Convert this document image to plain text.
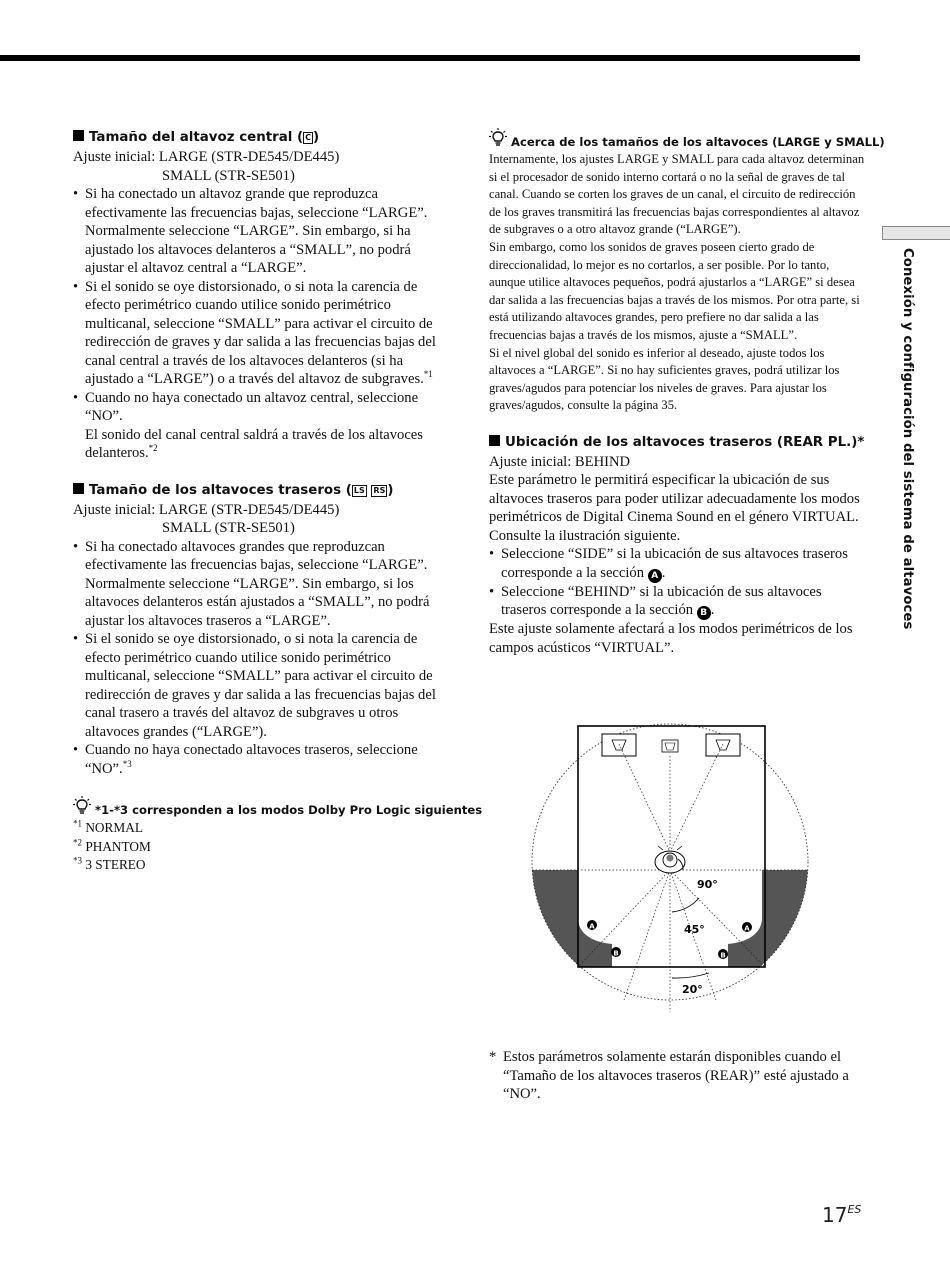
Conexión y configuración del sistema de altavoces
Tamaño del altavoz central ( C )

Ajuste inicial: LARGE (STR-DE545/DE445)

SMALL (STR-SE501)

• Si ha conectado un altavoz grande que reproduzca efectivamente las frecuencias bajas, seleccione “LARGE”. Normalmente seleccione “LARGE”. Sin embargo, si ha ajustado los altavoces delanteros a “SMALL”, no podrá ajustar el altavoz central a “LARGE”.
• Si el sonido se oye distorsionado, o si nota la carencia de efecto perimétrico cuando utilice sonido perimétrico multicanal, seleccione “SMALL” para activar el circuito de redirección de graves y dar salida a las frecuencias bajas del canal central a través de los altavoces delanteros (si ha ajustado a “LARGE”) o a través del altavoz de subgraves.$^{*1}$
• Cuando no haya conectado un altavoz central, seleccione “NO”.
El sonido del canal central saldrá a través de los altavoces delanteros.$^{*2}$
Tamaño de los altavoces traseros ( LS RS )

Ajuste inicial: LARGE (STR-DE545/DE445)

SMALL (STR-SE501)

• Si ha conectado altavoces grandes que reproduzcan efectivamente las frecuencias bajas, seleccione “LARGE”. Normalmente seleccione “LARGE”. Sin embargo, si los altavoces delanteros están ajustados a “SMALL”, no podrá ajustar los altavoces traseros a “LARGE”.
• Si el sonido se oye distorsionado, o si nota la carencia de efecto perimétrico cuando utilice sonido perimétrico multicanal, seleccione “SMALL” para activar el circuito de redirección de graves y dar salida a las frecuencias bajas del canal trasero a través del altavoz de subgraves u otros altavoces grandes (“LARGE”).
• Cuando no haya conectado altavoces traseros, seleccione “NO”.$^{*3}$
*1-*3 corresponden a los modos Dolby Pro Logic siguientes
$^{*1}$ NORMAL
$^{*2}$ PHANTOM
$^{*3}$ 3 STEREO
Acerca de los tamaños de los altavoces (LARGE y SMALL)

Internamente, los ajustes LARGE y SMALL para cada altavoz determinan si el procesador de sonido interno cortará o no la señal de graves de tal canal. Cuando se corten los graves de un canal, el circuito de redirección de los graves transmitirá las frecuencias bajas correspondientes al altavoz de subgraves o a otro altavoz grande (“LARGE”).

Sin embargo, como los sonidos de graves poseen cierto grado de direccionalidad, lo mejor es no cortarlos, a ser posible. Por lo tanto, aunque utilice altavoces pequeños, podrá ajustarlos a “LARGE” si desea dar salida a las frecuencias bajas a través de los mismos. Por otra parte, si está utilizando altavoces grandes, pero prefiere no dar salida a las frecuencias bajas a través de los mismos, ajuste a “SMALL”.

Si el nivel global del sonido es inferior al deseado, ajuste todos los altavoces a “LARGE”. Si no hay suficientes graves, podrá utilizar los graves/agudos para potenciar los niveles de graves. Para ajustar los graves/agudos, consulte la página 35.

Ubicación de los altavoces traseros (REAR PL.)*

Ajuste inicial: BEHIND

Este parámetro le permitirá especificar la ubicación de sus altavoces traseros para poder utilizar adecuadamente los modos perimétricos de Digital Cinema Sound en el género VIRTUAL. Consulte la ilustración siguiente.

• Seleccione “SIDE” si la ubicación de sus altavoces traseros corresponde a la sección A .
• Seleccione “BEHIND” si la ubicación de sus altavoces traseros corresponde a la sección B .

Este ajuste solamente afectará a los modos perimétricos de los campos acústicos “VIRTUAL”.

90°
45°
20°
A	A
B	B
* Estos parámetros solamente estarán disponibles cuando el “Tamaño de los altavoces traseros (REAR)” esté ajustado a “NO”.
$17^{ES}$
